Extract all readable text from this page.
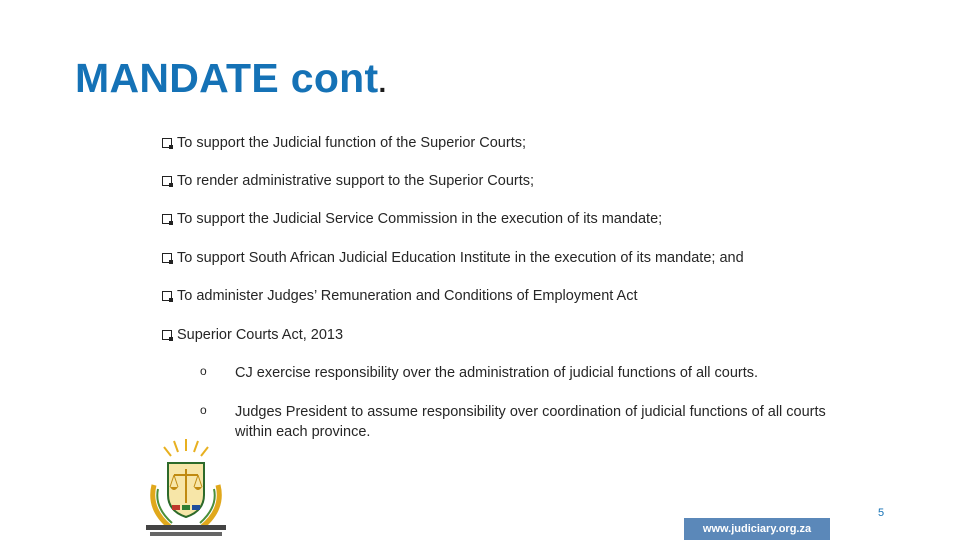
MANDATE cont.
To support the Judicial function of the Superior Courts;
To render administrative support to the Superior Courts;
To support the Judicial Service Commission in the execution of its mandate;
To support South African Judicial Education Institute in the execution of its mandate; and
To administer Judges’ Remuneration and Conditions of Employment Act
Superior Courts Act, 2013
o CJ exercise responsibility over the administration of judicial functions of all courts.
o Judges President to assume responsibility over coordination of judicial functions of all courts within each province.
www.judiciary.org.za
5
